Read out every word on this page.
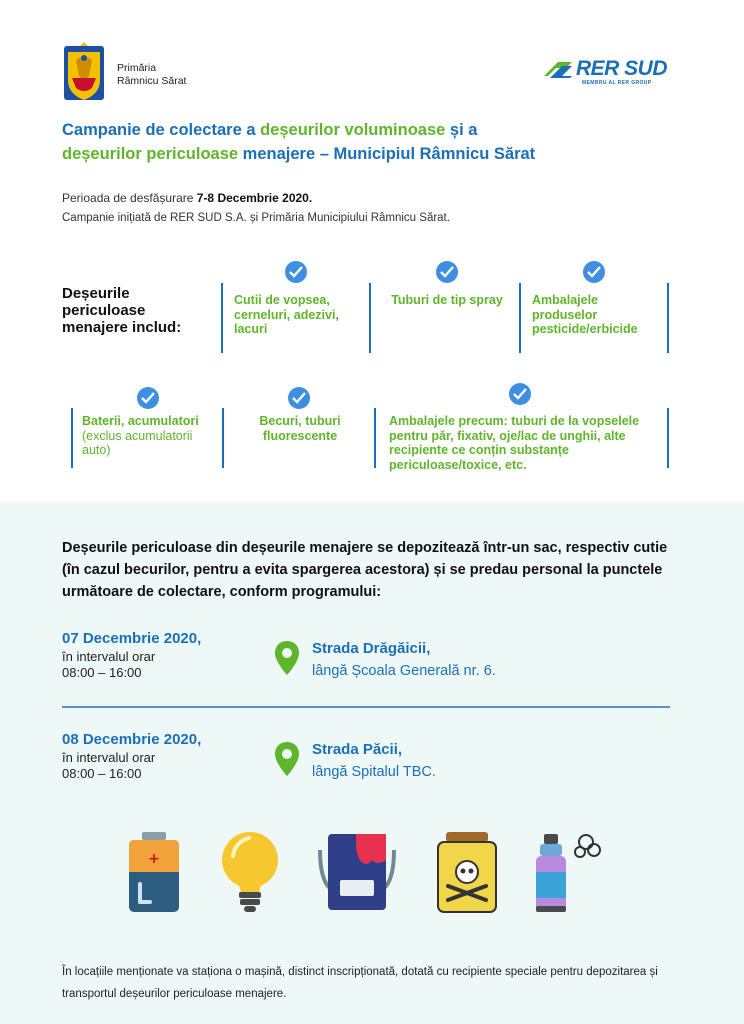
Primăria
Râmnicu Sărat
RER SUD
MEMBRU AL RER GROUP
Campanie de colectare a deșeurilor voluminoase și a
deșeurilor periculoase menajere – Municipiul Râmnicu Sărat
Perioada de desfășurare 7-8 Decembrie 2020.
Campanie inițiată de RER SUD S.A. și Primăria Municipiului Râmnicu Sărat.
Deșeurile
periculoase
menajere includ:
Cutii de vopsea, cerneluri, adezivi, lacuri
Tuburi de tip spray	Ambalajele produselor pesticide/erbicide
Baterii, acumulatori
(exclus acumulatorii auto)
Becuri, tuburi fluorescente
Ambalajele precum: tuburi de la vopselele pentru păr, fixativ, oje/lac de unghii, alte recipiente ce conțin substanțe periculoase/toxice, etc.
Deșeurile periculoase din deșeurile menajere se depozitează într-un sac, respectiv cutie (în cazul becurilor, pentru a evita spargerea acestora) și se predau personal la punctele următoare de colectare, conform programului:
07 Decembrie 2020,
în intervalul orar
08:00 – 16:00
Strada Drăgăicii,
lângă Școala Generală nr. 6.
08 Decembrie 2020,
în intervalul orar
08:00 – 16:00
Strada Păcii,
lângă Spitalul TBC.
+
În locațiile menționate va staționa o mașină, distinct inscripționată, dotată cu recipiente speciale pentru depozitarea și transportul deșeurilor periculoase menajere.
